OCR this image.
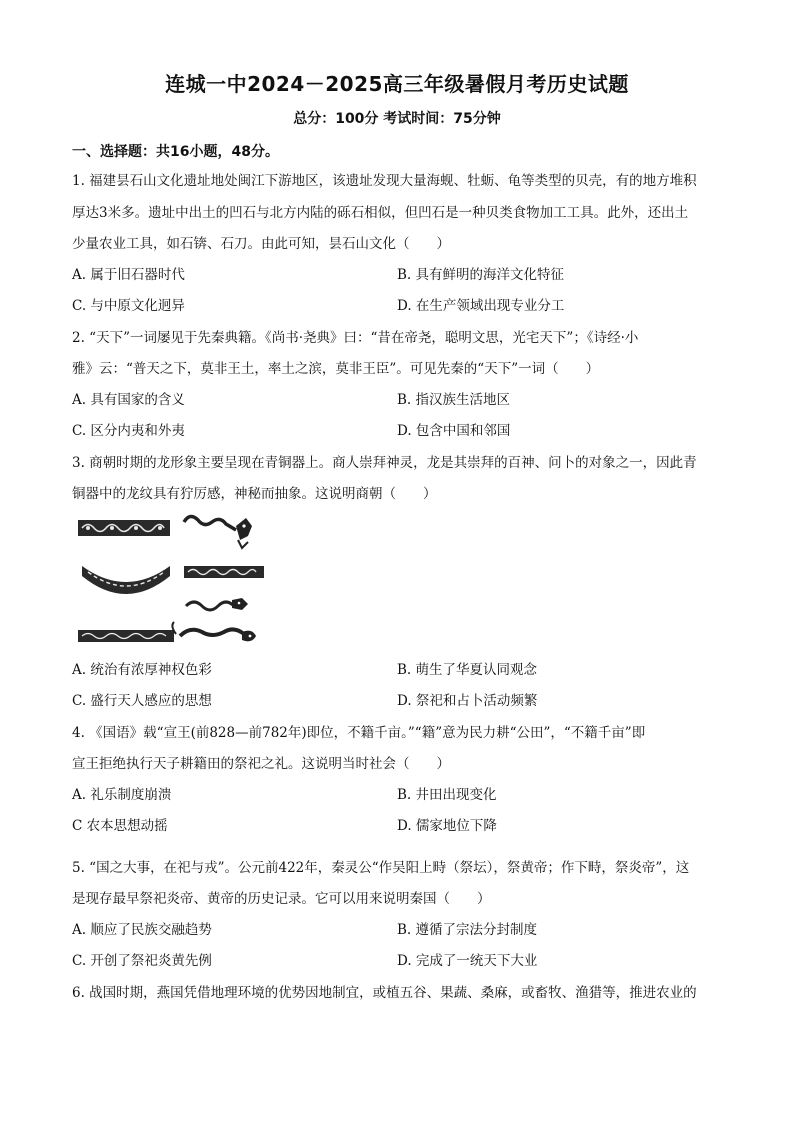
连城一中2024－2025高三年级暑假月考历史试题
总分：100分 考试时间：75分钟
一、选择题：共16小题，48分。
1. 福建昙石山文化遗址地处闽江下游地区，该遗址发现大量海蚬、牡蛎、龟等类型的贝壳，有的地方堆积
厚达3米多。遗址中出土的凹石与北方内陆的砾石相似，但凹石是一种贝类食物加工工具。此外，还出土
少量农业工具，如石锛、石刀。由此可知，昙石山文化（　　）
A. 属于旧石器时代	B. 具有鲜明的海洋文化特征
C. 与中原文化迥异	D. 在生产领域出现专业分工
2. “天下”一词屡见于先秦典籍。《尚书·尧典》曰：“昔在帝尧，聪明文思，光宅天下”；《诗经·小
雅》云：“普天之下，莫非王土，率土之滨，莫非王臣”。可见先秦的“天下”一词（　　）
A. 具有国家的含义	B. 指汉族生活地区
C. 区分内夷和外夷	D. 包含中国和邻国
3. 商朝时期的龙形象主要呈现在青铜器上。商人崇拜神灵，龙是其崇拜的百神、问卜的对象之一，因此青
铜器中的龙纹具有狞厉感，神秘而抽象。这说明商朝（　　）
A. 统治有浓厚神权色彩	B. 萌生了华夏认同观念
C. 盛行天人感应的思想	D. 祭祀和占卜活动频繁
4. 《国语》载“宣王(前828—前782年)即位，不籍千亩。”“籍”意为民力耕“公田”，“不籍千亩”即
宣王拒绝执行天子耕籍田的祭祀之礼。这说明当时社会（　　）
A. 礼乐制度崩溃	B. 井田出现变化
C 农本思想动摇	D. 儒家地位下降
5. “国之大事，在祀与戎”。公元前422年，秦灵公“作吴阳上畤（祭坛），祭黄帝；作下畤，祭炎帝”，这
是现存最早祭祀炎帝、黄帝的历史记录。它可以用来说明秦国（　　）
A. 顺应了民族交融趋势	B. 遵循了宗法分封制度
C. 开创了祭祀炎黄先例	D. 完成了一统天下大业
6. 战国时期，燕国凭借地理环境的优势因地制宜，或植五谷、果蔬、桑麻，或畜牧、渔猎等，推进农业的
